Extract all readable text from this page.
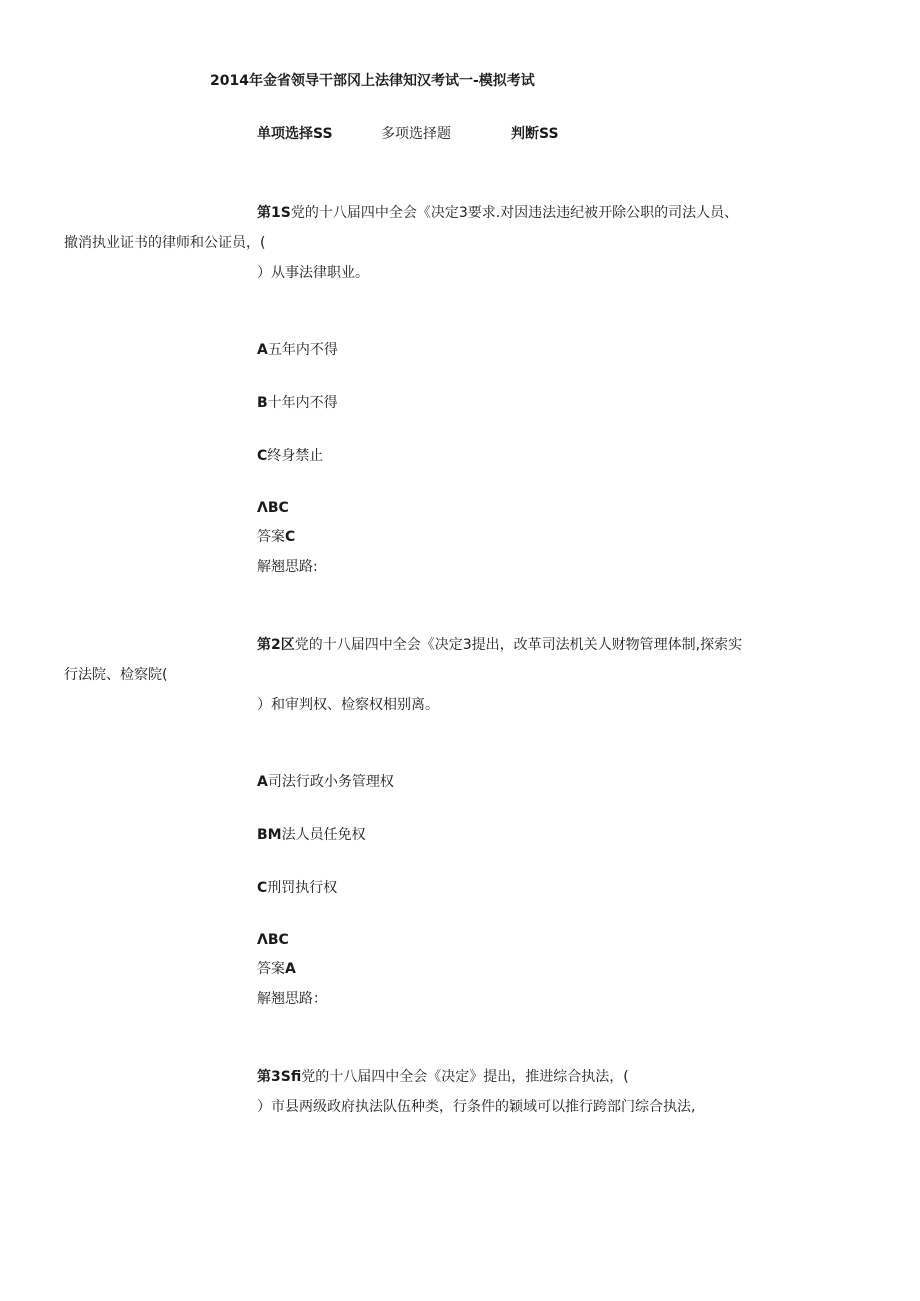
2014年金省领导干部冈上法律知汉考试一-模拟考试
单项选择SS	多项选择题	判断SS
第1S党的十八届四中全会《决定3要求.对因违法违纪被开除公职的司法人员、
撤消执业证书的律师和公证员，(
）从事法律职业。
A五年内不得
B十年内不得
C终身禁止
ΛBC
答案C
解翘思路:
第2区党的十八届四中全会《决定3提出，改革司法机关人财物管理体制,探索实
行法院、检察院(
）和审判权、检察权相别离。
A司法行政小务管理权
BM法人员任免权
C刑罚执行权
ΛBC
答案A
解翘思路：
第3Sfi党的十八届四中全会《决定》提出，推进综合执法，(
）市县两级政府执法队伍种类，行条件的颖域可以推行跨部门综合执法,
